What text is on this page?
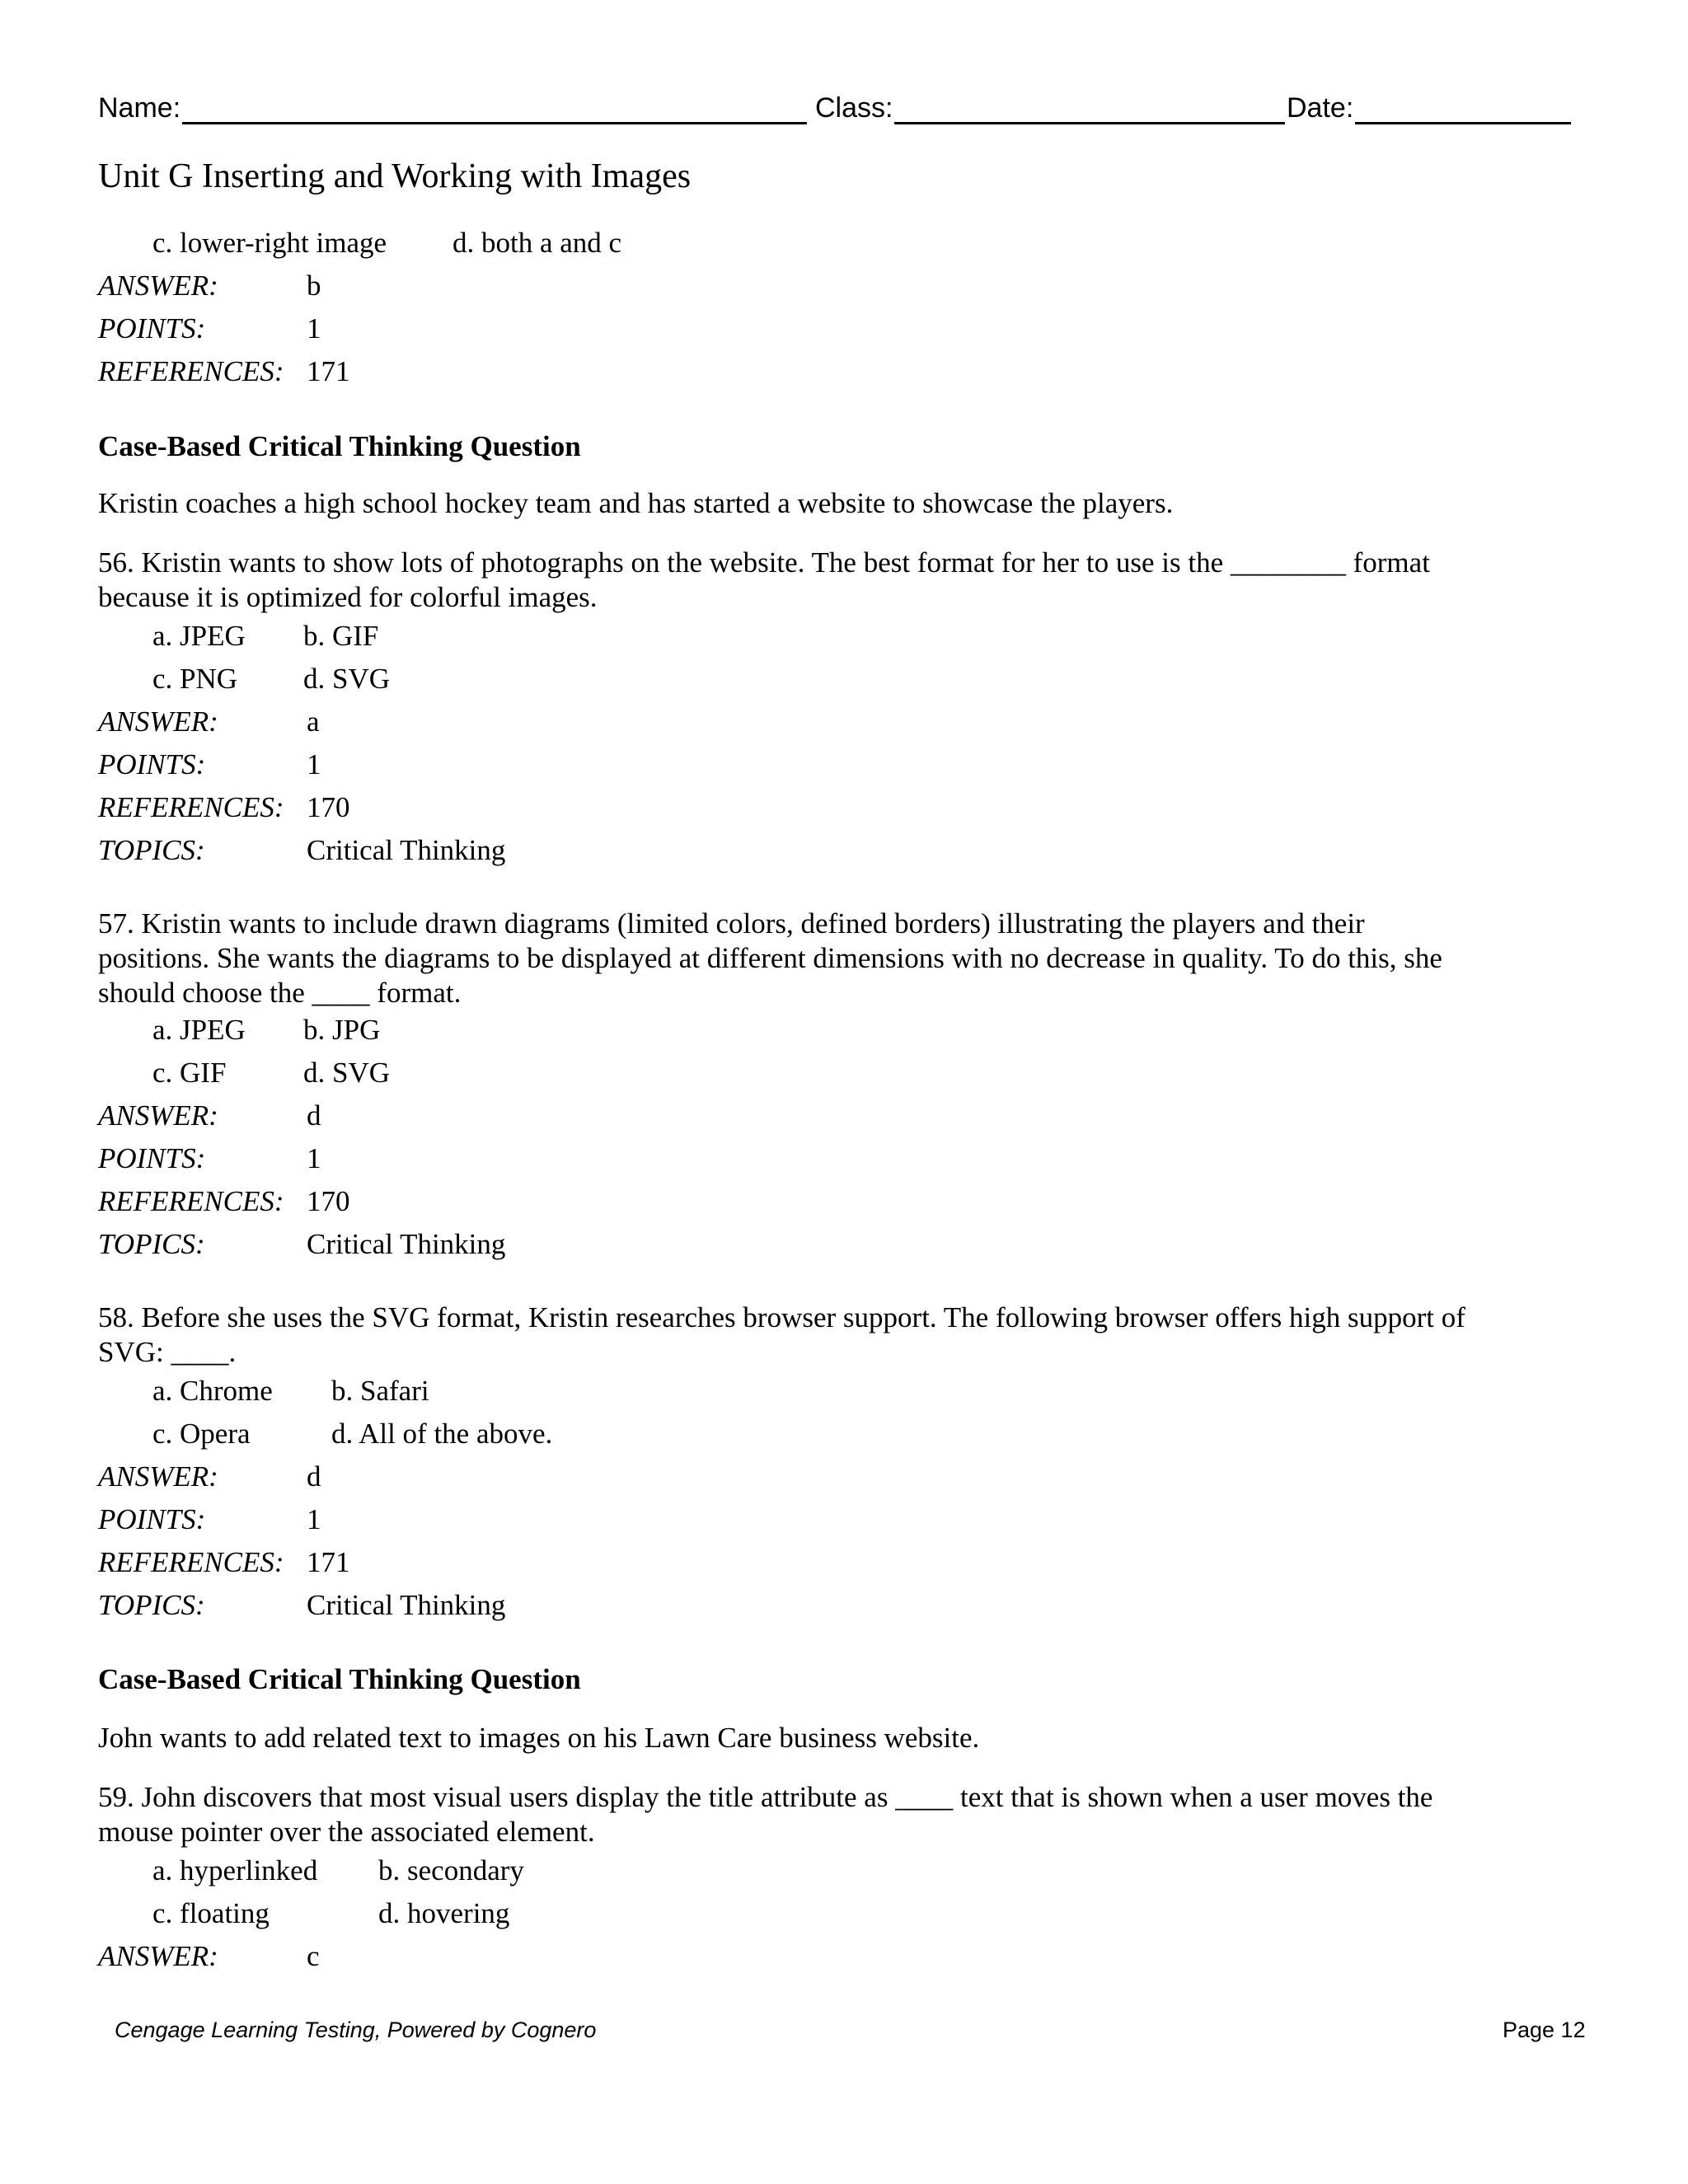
Name:	Class:	Date:
Unit G Inserting and Working with Images
c. lower-right image d. both a and c
ANSWER:	b
POINTS:	1
REFERENCES: 171
Case-Based Critical Thinking Question
Kristin coaches a high school hockey team and has started a website to showcase the players.
56. Kristin wants to show lots of photographs on the website. The best format for her to use is the ________ format
because it is optimized for colorful images.
a. JPEG b. GIF
c. PNG d. SVG
ANSWER:	a
POINTS:	1
REFERENCES: 170
TOPICS:	Critical Thinking
57. Kristin wants to include drawn diagrams (limited colors, defined borders) illustrating the players and their
positions. She wants the diagrams to be displayed at different dimensions with no decrease in quality. To do this, she
should choose the ____ format.
a. JPEG b. JPG
c. GIF	d. SVG
ANSWER:	d
POINTS:	1
REFERENCES: 170
TOPICS:	Critical Thinking
58. Before she uses the SVG format, Kristin researches browser support. The following browser offers high support of
SVG: ____.
a. Chrome b. Safari
c. Opera	d. All of the above.
ANSWER:	d
POINTS:	1
REFERENCES: 171
TOPICS:	Critical Thinking
Case-Based Critical Thinking Question
John wants to add related text to images on his Lawn Care business website.
59. John discovers that most visual users display the title attribute as ____ text that is shown when a user moves the
mouse pointer over the associated element.
a. hyperlinked b. secondary
c. floating	d. hovering
ANSWER:	c
Cengage Learning Testing, Powered by Cognero	Page 12
